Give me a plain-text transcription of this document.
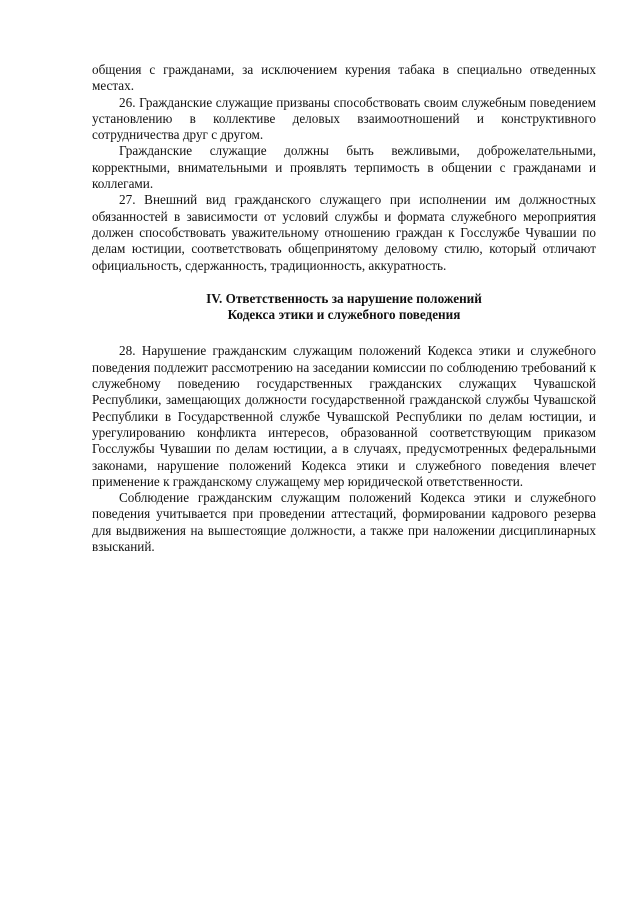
общения с гражданами, за исключением курения табака в специально отведенных местах.

26. Гражданские служащие призваны способствовать своим служебным поведением установлению в коллективе деловых взаимоотношений и конструктивного сотрудничества друг с другом.

Гражданские служащие должны быть вежливыми, доброжелательными, корректными, внимательными и проявлять терпимость в общении с гражданами и коллегами.

27. Внешний вид гражданского служащего при исполнении им должностных обязанностей в зависимости от условий службы и формата служебного мероприятия должен способствовать уважительному отношению граждан к Госслужбе Чувашии по делам юстиции, соответствовать общепринятому деловому стилю, который отличают официальность, сдержанность, традиционность, аккуратность.

IV. Ответственность за нарушение положений
Кодекса этики и служебного поведения

28. Нарушение гражданским служащим положений Кодекса этики и служебного поведения подлежит рассмотрению на заседании комиссии по соблюдению требований к служебному поведению государственных гражданских служащих Чувашской Республики, замещающих должности государственной гражданской службы Чувашской Республики в Государственной службе Чувашской Республики по делам юстиции, и урегулированию конфликта интересов, образованной соответствующим приказом Госслужбы Чувашии по делам юстиции, а в случаях, предусмотренных федеральными законами, нарушение положений Кодекса этики и служебного поведения влечет применение к гражданскому служащему мер юридической ответственности.

Соблюдение гражданским служащим положений Кодекса этики и служебного поведения учитывается при проведении аттестаций, формировании кадрового резерва для выдвижения на вышестоящие должности, а также при наложении дисциплинарных взысканий.
